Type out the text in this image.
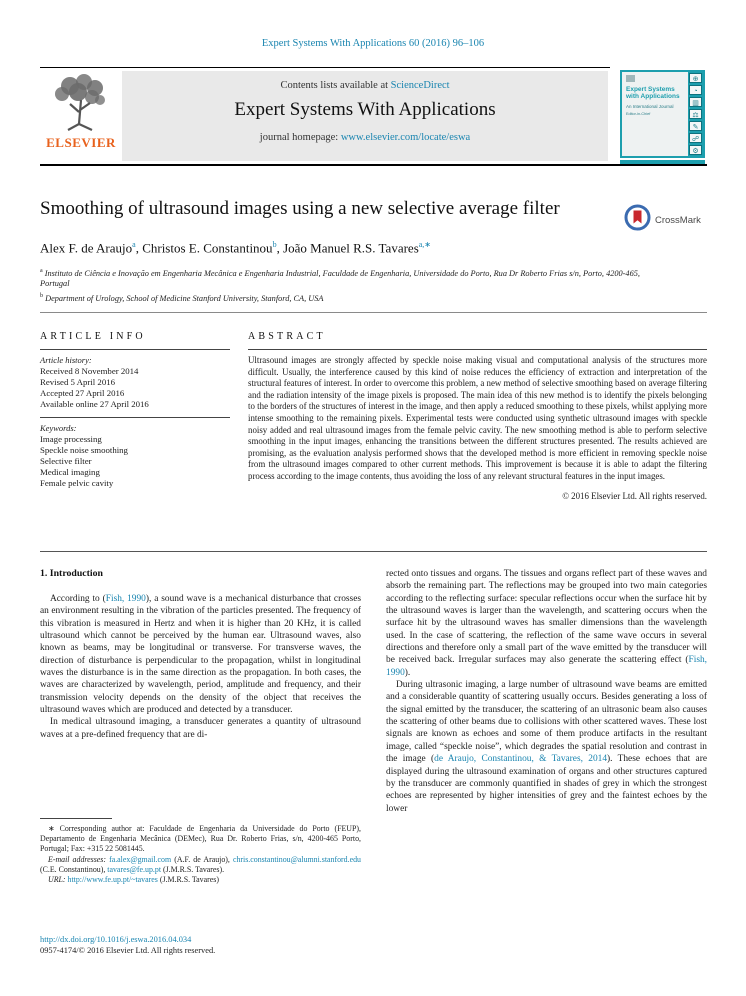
Expert Systems With Applications 60 (2016) 96–106
ELSEVIER
Contents lists available at ScienceDirect
Expert Systems With Applications
journal homepage: www.elsevier.com/locate/eswa
Expert Systems with Applications
An International Journal
Editor-in-Chief
⊕
◔
▥
⚖
✎
☍
⚙
Smoothing of ultrasound images using a new selective average filter
CrossMark
Alex F. de Araujo$^a$, Christos E. Constantinou$^b$, João Manuel R.S. Tavares$^{a,∗}$
$^a$ Instituto de Ciência e Inovação em Engenharia Mecânica e Engenharia Industrial, Faculdade de Engenharia, Universidade do Porto, Rua Dr Roberto Frias s/n, Porto, 4200-465, Portugal
$^b$ Department of Urology, School of Medicine Stanford University, Stanford, CA, USA
ARTICLE INFO
Article history:
Received 8 November 2014
Revised 5 April 2016
Accepted 27 April 2016
Available online 27 April 2016
Keywords:
Image processing
Speckle noise smoothing
Selective filter
Medical imaging
Female pelvic cavity
ABSTRACT
Ultrasound images are strongly affected by speckle noise making visual and computational analysis of the structures more difficult. Usually, the interference caused by this kind of noise reduces the efficiency of extraction and interpretation of the structural features of interest. In order to overcome this problem, a new method of selective smoothing based on average filtering and the radiation intensity of the image pixels is proposed. The main idea of this new method is to identify the pixels belonging to the borders of the structures of interest in the image, and then apply a reduced smoothing to these pixels, whilst applying more intense smoothing to the remaining pixels. Experimental tests were conducted using synthetic ultrasound images with speckle noisy added and real ultrasound images from the female pelvic cavity. The new smoothing method is able to perform selective smoothing in the input images, enhancing the transitions between the different structures presented. The results achieved are promising, as the evaluation analysis performed shows that the developed method is more efficient in removing speckle noise from the ultrasound images compared to other current methods. This improvement is because it is able to adapt the filtering process according to the image contents, thus avoiding the loss of any relevant structural features in the input images.
© 2016 Elsevier Ltd. All rights reserved.
1. Introduction

According to (Fish, 1990), a sound wave is a mechanical disturbance that crosses an environment resulting in the vibration of the particles presented. The frequency of this vibration is measured in Hertz and when it is higher than 20 KHz, it is called ultrasound which cannot be perceived by the human ear. Ultrasound waves, also known as beams, may be longitudinal or transverse. For transverse waves, the direction of disturbance is perpendicular to the propagation, whilst in longitudinal waves the disturbance is in the same direction as the propagation. In both cases, the waves are characterized by wavelength, period, amplitude and frequency, and their transmission velocity depends on the density of the object that receives the ultrasound waves which are produced and detected by a transducer.

In medical ultrasound imaging, a transducer generates a quantity of ultrasound waves at a pre-defined frequency that are di-

rected onto tissues and organs. The tissues and organs reflect part of these waves and absorb the remaining part. The reflections may be grouped into two main categories according to the reflecting surface: specular reflections occur when the surface hit by the ultrasound waves is larger than the wavelength, and scattering occurs when the surface hit by the ultrasound waves has smaller dimensions than the wavelength used. In the case of scattering, the reflection of the same wave occurs in several directions and therefore only a small part of the wave emitted by the transducer will be received back. Irregular surfaces may also generate the scattering effect (Fish, 1990).

During ultrasonic imaging, a large number of ultrasound wave beams are emitted and a considerable quantity of scattering usually occurs. Besides generating a loss of the signal emitted by the transducer, the scattering of an ultrasonic beam also causes the scattering of other beams due to collisions with other scattered waves. These lost signals are known as echoes and some of them produce artifacts in the resultant image, called “speckle noise”, which degrades the spatial resolution and contrast in the image (de Araujo, Constantinou, & Tavares, 2014). These echoes that are displayed during the ultrasound examination of organs and other structures captured by the transducer are commonly quantified in shades of grey in which the strongest echoes are represented by higher intensities of grey and the faintest echoes by the lower

∗ Corresponding author at: Faculdade de Engenharia da Universidade do Porto (FEUP), Departamento de Engenharia Mecânica (DEMec), Rua Dr. Roberto Frias, s/n, 4200-465 Porto, Portugal; Fax: +315 22 5081445.

E-mail addresses: fa.alex@gmail.com (A.F. de Araujo), chris.constantinou@alumni.stanford.edu (C.E. Constantinou), tavares@fe.up.pt (J.M.R.S. Tavares).

URL: http://www.fe.up.pt/~tavares (J.M.R.S. Tavares)

http://dx.doi.org/10.1016/j.eswa.2016.04.034
0957-4174/© 2016 Elsevier Ltd. All rights reserved.
